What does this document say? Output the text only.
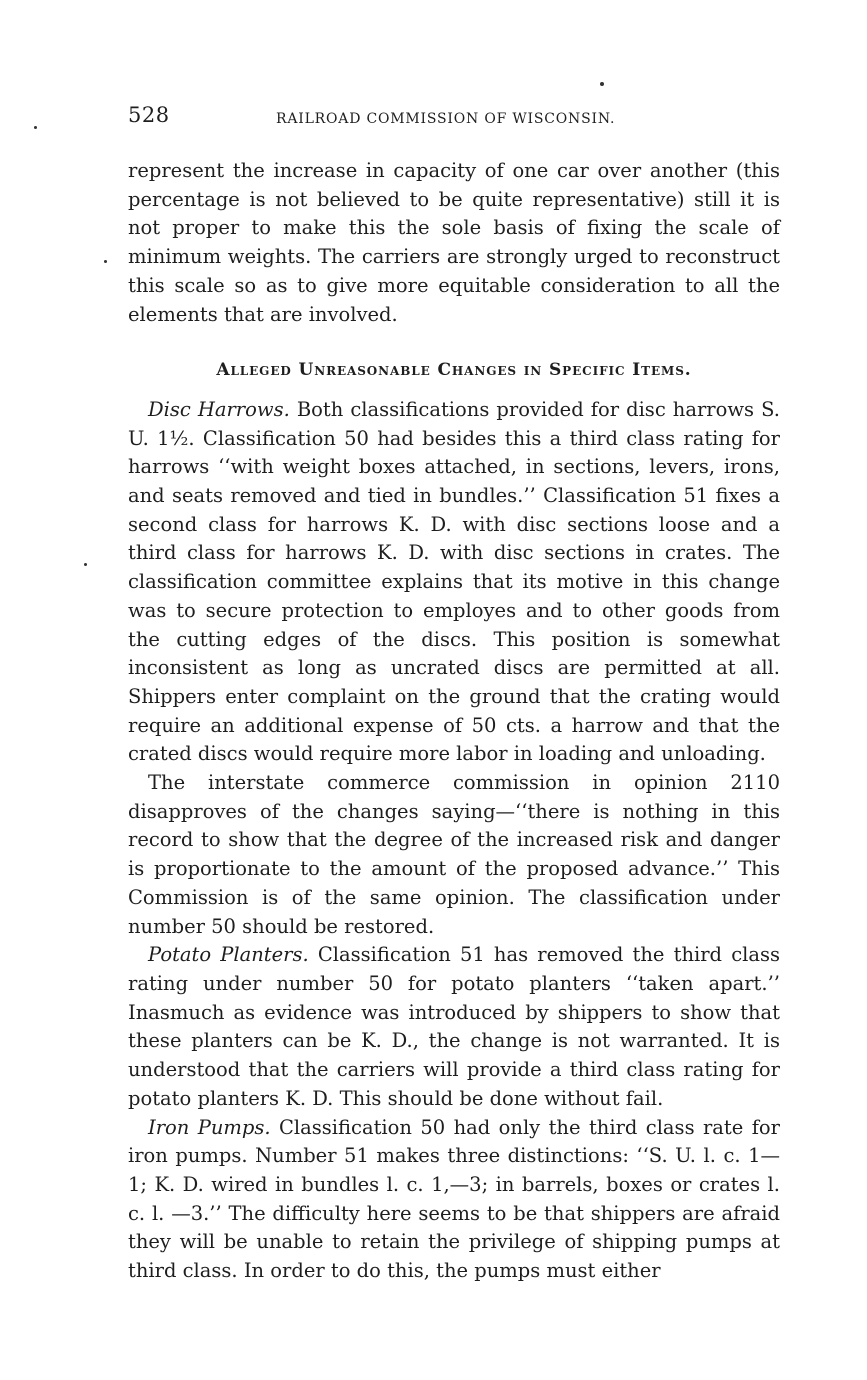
528	RAILROAD COMMISSION OF WISCONSIN.

represent the increase in capacity of one car over another (this percentage is not believed to be quite representative) still it is not proper to make this the sole basis of fixing the scale of minimum weights. The carriers are strongly urged to reconstruct this scale so as to give more equitable consideration to all the elements that are involved.

Alleged Unreasonable Changes in Specific Items.

Disc Harrows. Both classifications provided for disc harrows S. U. 1½. Classification 50 had besides this a third class rating for harrows ‘‘with weight boxes attached, in sections, levers, irons, and seats removed and tied in bundles.’’ Classification 51 fixes a second class for harrows K. D. with disc sections loose and a third class for harrows K. D. with disc sections in crates. The classification committee explains that its motive in this change was to secure protection to employes and to other goods from the cutting edges of the discs. This position is somewhat inconsistent as long as uncrated discs are permitted at all. Shippers enter complaint on the ground that the crating would require an additional expense of 50 cts. a harrow and that the crated discs would require more labor in loading and unloading.

The interstate commerce commission in opinion 2110 disapproves of the changes saying—‘‘there is nothing in this record to show that the degree of the increased risk and danger is proportionate to the amount of the proposed advance.’’ This Commission is of the same opinion. The classification under number 50 should be restored.

Potato Planters. Classification 51 has removed the third class rating under number 50 for potato planters ‘‘taken apart.’’ Inasmuch as evidence was introduced by shippers to show that these planters can be K. D., the change is not warranted. It is understood that the carriers will provide a third class rating for potato planters K. D. This should be done without fail.

Iron Pumps. Classification 50 had only the third class rate for iron pumps. Number 51 makes three distinctions: ‘‘S. U. l. c. 1—1; K. D. wired in bundles l. c. 1,—3; in barrels, boxes or crates l. c. l. —3.’’ The difficulty here seems to be that shippers are afraid they will be unable to retain the privilege of shipping pumps at third class. In order to do this, the pumps must either
